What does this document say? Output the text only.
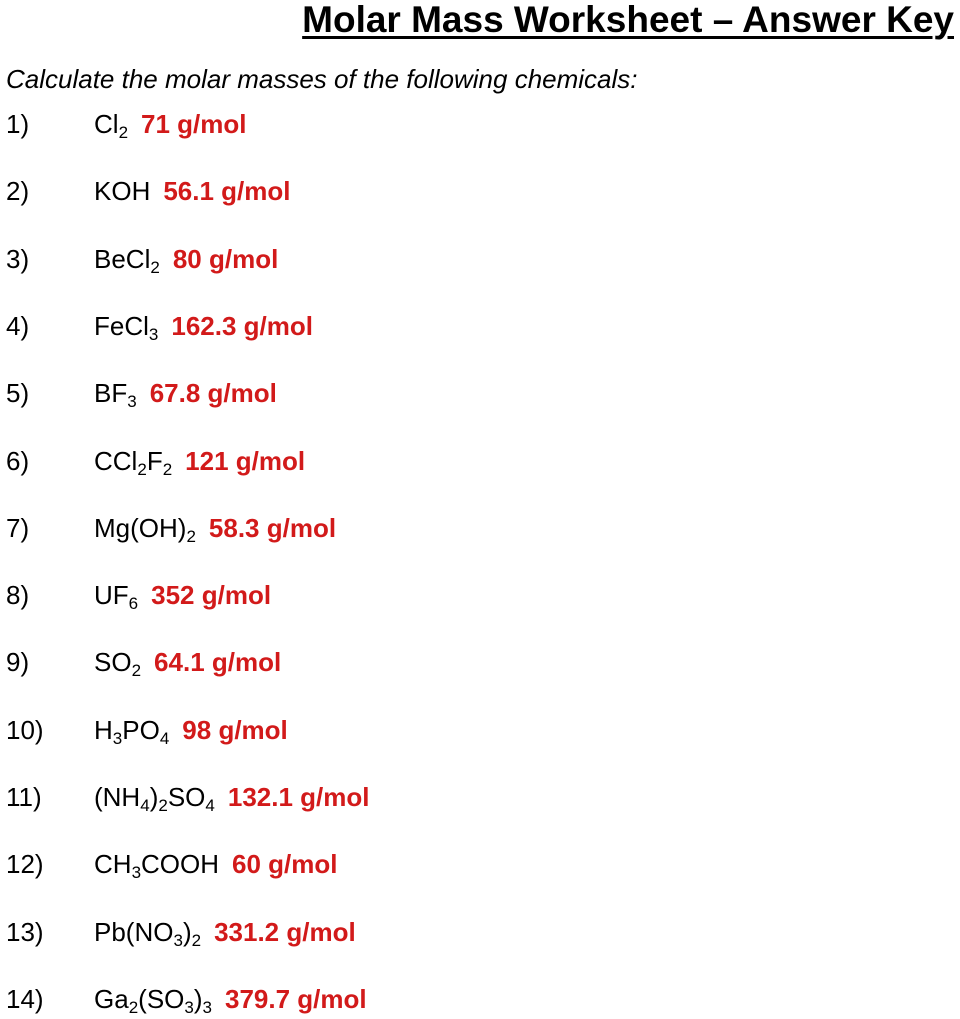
Molar Mass Worksheet – Answer Key
Calculate the molar masses of the following chemicals:
1) $Cl_2$ 71 g/mol
2) KOH 56.1 g/mol
3) BeCl$_2$ 80 g/mol
4) FeCl$_3$ 162.3 g/mol
5) $BF_3$ 67.8 g/mol
6) $CCl_2F_2$ 121 g/mol
7) $Mg(OH)_2$ 58.3 g/mol
8) $UF_6$ 352 g/mol
9) $SO_2$ 64.1 g/mol
10) $H_3PO_4$ 98 g/mol
11) $(NH_4)_2SO_4$ 132.1 g/mol
12) $CH_3COOH$ 60 g/mol
13) $Pb(NO_3)_2$ 331.2 g/mol
14) $Ga_2(SO_3)_3$ 379.7 g/mol
